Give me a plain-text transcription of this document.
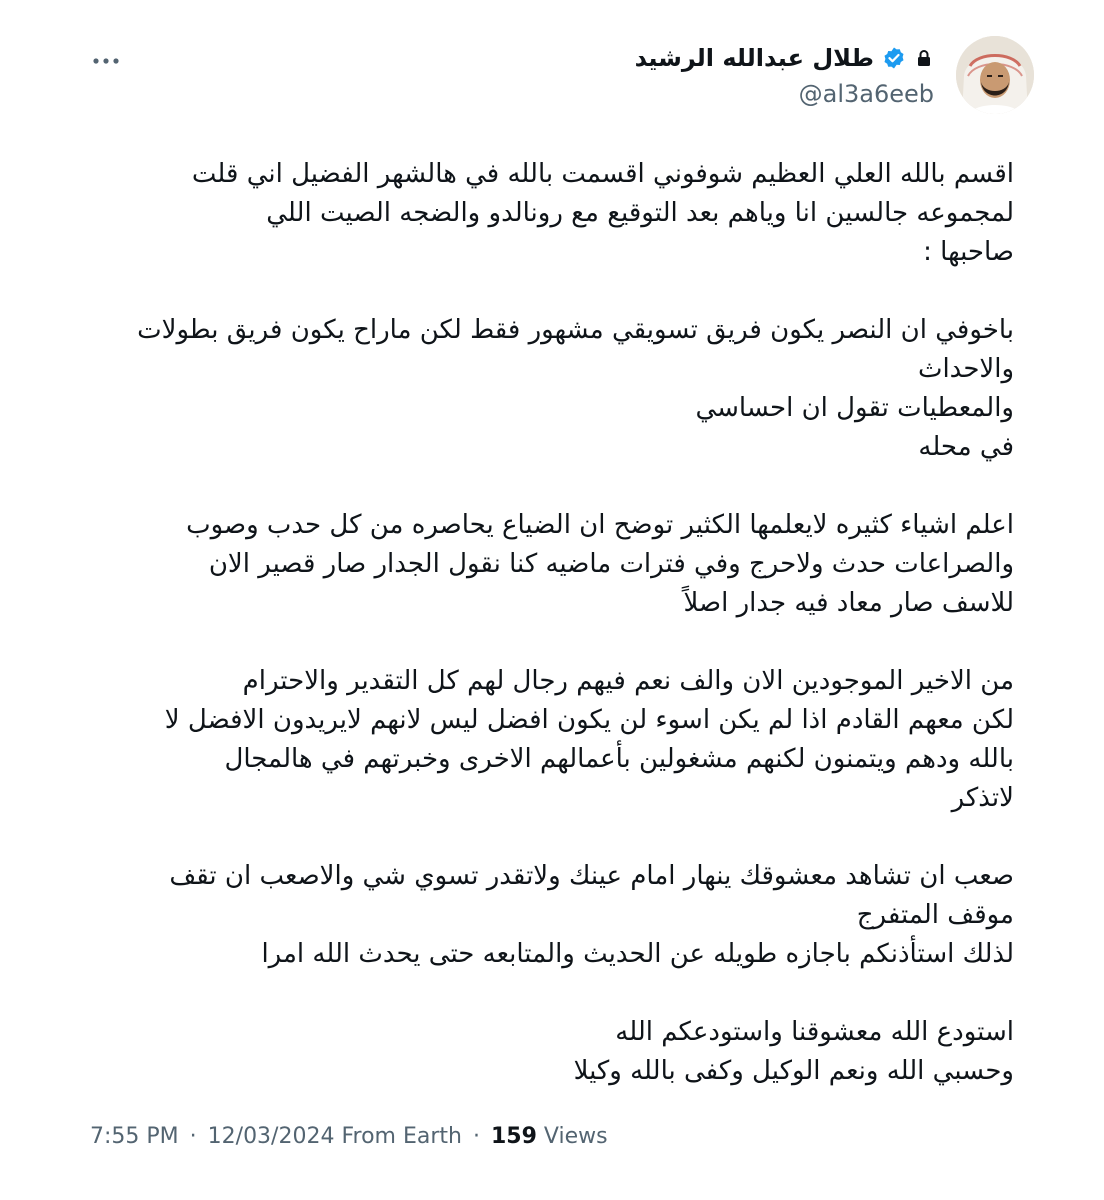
طلال عبدالله الرشيد
@al3a6eeb
اقسم بالله العلي العظيم شوفوني اقسمت بالله في هالشهر الفضيل اني قلت
لمجموعه جالسين انا وياهم بعد التوقيع مع رونالدو والضجه الصيت اللي
صاحبها :
باخوفي ان النصر يكون فريق تسويقي مشهور فقط لكن ماراح يكون فريق بطولات
والاحداث
والمعطيات تقول ان احساسي
في محله
اعلم اشياء كثيره لايعلمها الكثير توضح ان الضياع يحاصره من كل حدب وصوب
والصراعات حدث ولاحرج وفي فترات ماضيه كنا نقول الجدار صار قصير الان
للاسف صار معاد فيه جدار اصلاً
من الاخير الموجودين الان والف نعم فيهم رجال لهم كل التقدير والاحترام
لكن معهم القادم اذا لم يكن اسوء لن يكون افضل ليس لانهم لايريدون الافضل لا
بالله ودهم ويتمنون لكنهم مشغولين بأعمالهم الاخرى وخبرتهم في هالمجال
لاتذكر
صعب ان تشاهد معشوقك ينهار امام عينك ولاتقدر تسوي شي والاصعب ان تقف
موقف المتفرج
لذلك استأذنكم باجازه طويله عن الحديث والمتابعه حتى يحدث الله امرا
استودع الله معشوقنا واستودعكم الله
وحسبي الله ونعم الوكيل وكفى بالله وكيلا
7:55 PM · 12/03/2024 From Earth · 159 Views
